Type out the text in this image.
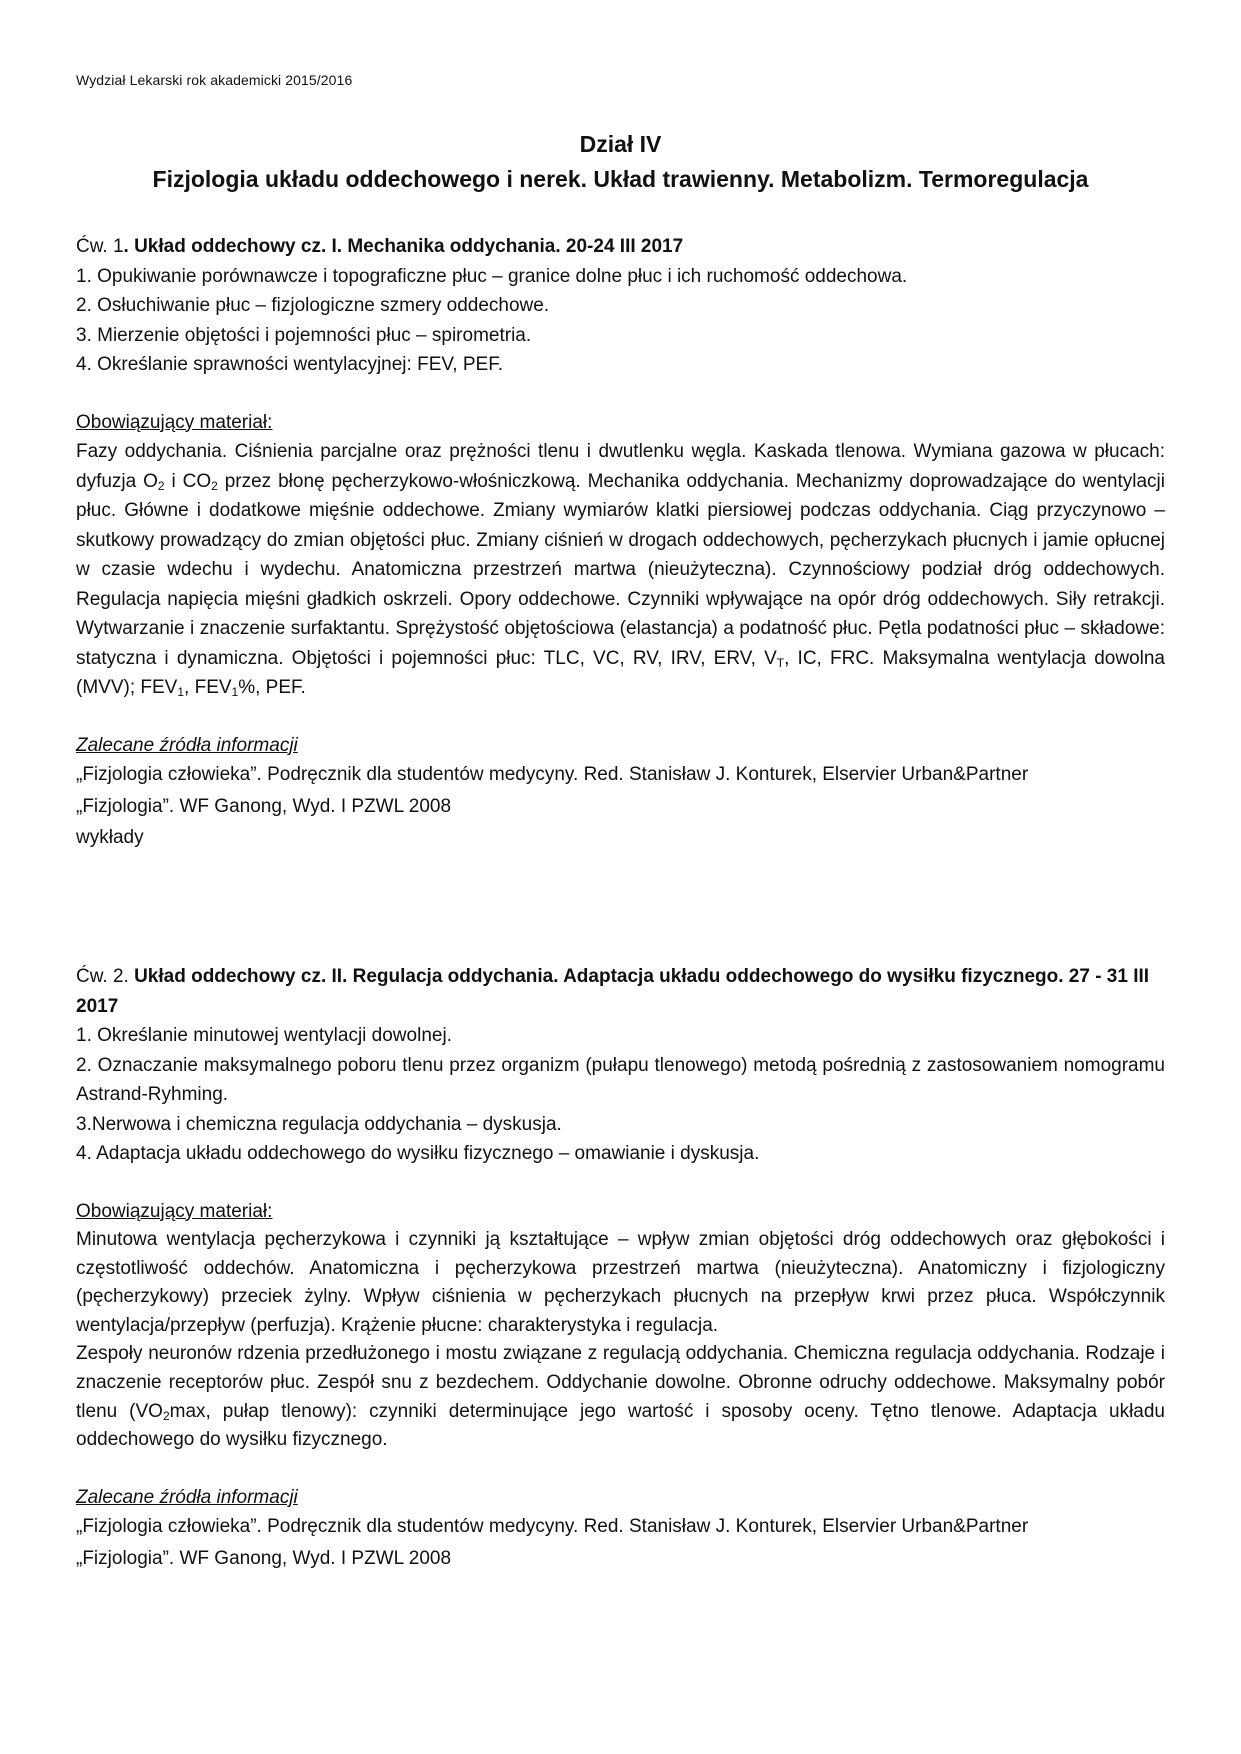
Wydział Lekarski rok akademicki 2015/2016
Dział IV
Fizjologia układu oddechowego i nerek. Układ trawienny. Metabolizm. Termoregulacja

Ćw. 1. Układ oddechowy cz. I. Mechanika oddychania. 20-24 III 2017

1. Opukiwanie porównawcze i topograficzne płuc – granice dolne płuc i ich ruchomość oddechowa.

2. Osłuchiwanie płuc – fizjologiczne szmery oddechowe.

3. Mierzenie objętości i pojemności płuc – spirometria.

4. Określanie sprawności wentylacyjnej: FEV, PEF.

Obowiązujący materiał:

Fazy oddychania. Ciśnienia parcjalne oraz prężności tlenu i dwutlenku węgla. Kaskada tlenowa. Wymiana gazowa w płucach: dyfuzja $O_2$ i $CO_2$ przez błonę pęcherzykowo-włośniczkową. Mechanika oddychania. Mechanizmy doprowadzające do wentylacji płuc. Główne i dodatkowe mięśnie oddechowe. Zmiany wymiarów klatki piersiowej podczas oddychania. Ciąg przyczynowo – skutkowy prowadzący do zmian objętości płuc. Zmiany ciśnień w drogach oddechowych, pęcherzykach płucnych i jamie opłucnej w czasie wdechu i wydechu. Anatomiczna przestrzeń martwa (nieużyteczna). Czynnościowy podział dróg oddechowych. Regulacja napięcia mięśni gładkich oskrzeli. Opory oddechowe. Czynniki wpływające na opór dróg oddechowych. Siły retrakcji. Wytwarzanie i znaczenie surfaktantu. Sprężystość objętościowa (elastancja) a podatność płuc. Pętla podatności płuc – składowe: statyczna i dynamiczna. Objętości i pojemności płuc: TLC, VC, RV, IRV, ERV, $V_T$, IC, FRC. Maksymalna wentylacja dowolna (MVV); $FEV_1$, $FEV_1\%$, PEF.

Zalecane źródła informacji

„Fizjologia człowieka”. Podręcznik dla studentów medycyny. Red. Stanisław J. Konturek, Elservier Urban&Partner

„Fizjologia”. WF Ganong, Wyd. I PZWL 2008

wykłady

Ćw. 2. Układ oddechowy cz. II. Regulacja oddychania. Adaptacja układu oddechowego do wysiłku fizycznego. 27 - 31 III 2017

1. Określanie minutowej wentylacji dowolnej.

2. Oznaczanie maksymalnego poboru tlenu przez organizm (pułapu tlenowego) metodą pośrednią z zastosowaniem nomogramu Astrand-Ryhming.

3.Nerwowa i chemiczna regulacja oddychania – dyskusja.

4. Adaptacja układu oddechowego do wysiłku fizycznego – omawianie i dyskusja.

Obowiązujący materiał:

Minutowa wentylacja pęcherzykowa i czynniki ją kształtujące – wpływ zmian objętości dróg oddechowych oraz głębokości i częstotliwość oddechów. Anatomiczna i pęcherzykowa przestrzeń martwa (nieużyteczna). Anatomiczny i fizjologiczny (pęcherzykowy) przeciek żylny. Wpływ ciśnienia w pęcherzykach płucnych na przepływ krwi przez płuca. Współczynnik wentylacja/przepływ (perfuzja). Krążenie płucne: charakterystyka i regulacja.

Zespoły neuronów rdzenia przedłużonego i mostu związane z regulacją oddychania. Chemiczna regulacja oddychania. Rodzaje i znaczenie receptorów płuc. Zespół snu z bezdechem. Oddychanie dowolne. Obronne odruchy oddechowe. Maksymalny pobór tlenu ($VO_2\max$, pułap tlenowy): czynniki determinujące jego wartość i sposoby oceny. Tętno tlenowe. Adaptacja układu oddechowego do wysiłku fizycznego.

Zalecane źródła informacji

„Fizjologia człowieka”. Podręcznik dla studentów medycyny. Red. Stanisław J. Konturek, Elservier Urban&Partner

„Fizjologia”. WF Ganong, Wyd. I PZWL 2008
